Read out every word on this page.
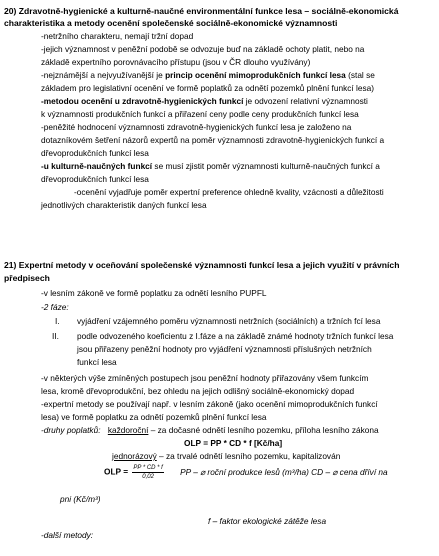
20) Zdravotně-hygienické a kulturně-naučné environmentální funkce lesa – sociálně-ekonomická
charakteristika a metody ocenění společenské sociálně-ekonomické významnosti
-netržního charakteru, nemají tržní dopad
-jejich významnost v peněžní podobě se odvozuje buď na základě ochoty platit, nebo na
základě expertního porovnávacího přístupu (jsou v ČR dlouho využívány)
-nejznámější a nejvyužívanější je princip ocenění mimoprodukčních funkcí lesa (stal se
základem pro legislativní ocenění ve formě poplatků za odnětí pozemků plnění funkcí lesa)
-metodou ocenění u zdravotně-hygienických funkcí je odvození relativní významnosti
k významnosti produkčních funkcí a přiřazení ceny podle ceny produkčních funkcí lesa
-peněžité hodnocení významnosti zdravotně-hygienických funkcí lesa je založeno na
dotazníkovém šetření názorů expertů na poměr významnosti zdravotně-hygienických funkcí a
dřevoprodukčních funkcí lesa
-u kulturně-naučných funkcí se musí zjistit poměr významnosti kulturně-naučných funkcí a
dřevoprodukčních funkcí lesa
-ocenění vyjadřuje poměr expertní preference ohledně kvality, vzácnosti a důležitosti
jednotlivých charakteristik daných funkcí lesa
21) Expertní metody v oceňování společenské významnosti funkcí lesa a jejich využití v právních
předpisech
-v lesním zákoně ve formě poplatku za odnětí lesního PUPFL
-2 fáze:
I. vyjádření vzájemného poměru významnosti netržních (sociálních) a tržních fcí lesa
II. podle odvozeného koeficientu z I.fáze a na základě známé hodnoty tržních funkcí lesa
jsou přiřazeny peněžní hodnoty pro vyjádření významnosti příslušných netržních
funkcí lesa
-v některých výše zmíněných postupech jsou peněžní hodnoty přiřazovány všem funkcím
lesa, kromě dřevoprodukční, bez ohledu na jejich odlišný sociálně-ekonomický dopad
-expertní metody se používají např. v lesním zákoně (jako ocenění mimoprodukčních funkcí
lesa) ve formě poplatku za odnětí pozemků plnění funkcí lesa
-druhy poplatků: každoroční – za dočasné odnětí lesního pozemku, příloha lesního zákona
OLP = PP * CD * f [Kč/ha]
jednorázový – za trvalé odnětí lesního pozemku, kapitalizován
OLP = $\frac{PP * CD * f}{0,02}$ PP – ⌀ roční produkce lesů (m³/ha) CD – ⌀ cena dříví na
pni (Kč/m³)
f – faktor ekologické zátěže lesa
-další metody:
